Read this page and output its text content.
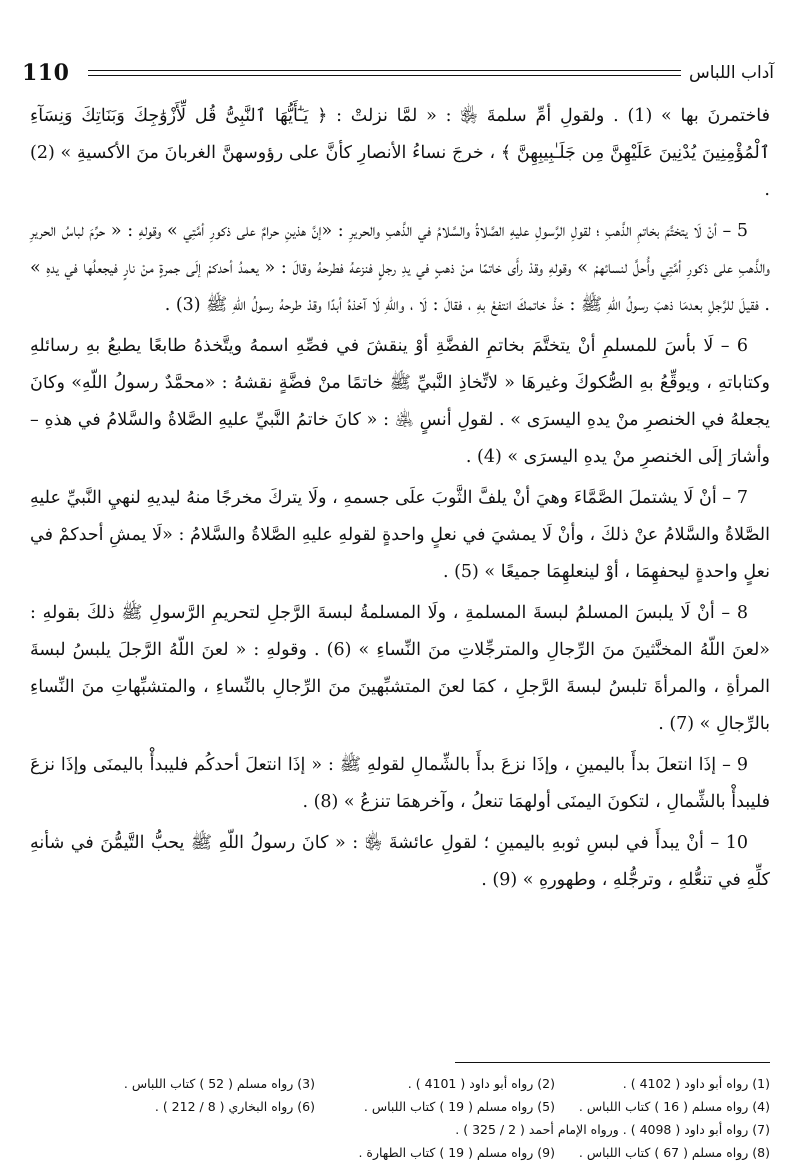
110	آداب اللباس

فاختمرنَ بها » (1) . ولقولِ أمِّ سلمةَ ﵂ : « لمَّا نزلتْ : ﴿ يَـٰٓأَيُّهَا ٱلنَّبِىُّ قُل لِّأَزْوَٰجِكَ وَبَنَاتِكَ وَنِسَآءِ ٱلْمُؤْمِنِينَ يُدْنِينَ عَلَيْهِنَّ مِن جَلَـٰبِيبِهِنَّ ﴾ ، خرجَ نساءُ الأنصارِ كأنَّ على رؤوسهنَّ الغربانَ منَ الأكسيةِ » (2) .

5 – أنْ لَا يتختَّمَ بخاتمِ الذَّهبِ ؛ لقولِ الرَّسولِ عليهِ الصَّلاةُ والسَّلامُ في الذَّهبِ والحريرِ : «إنَّ هذينِ حرامٌ على ذكورِ أمَّتِي » وقولهِ : « حرِّمَ لباسُ الحريرِ والذَّهبِ على ذكورِ أمَّتِي وأُحلَّ لنسائهمْ » وقولهِ وقدْ رأَى خاتمًا منْ ذهبٍ في يدِ رجلٍ فنزعهُ فطرحهُ وقالَ : « يعمدُ أحدكمْ إلَى جمرةٍ منْ نارٍ فيجعلُها في يدهِ » . فقيلَ للرَّجلِ بعدمَا ذهبَ رسولُ اللّهِ ﷺ : خذْ خاتمكَ انتفعْ بهِ ، فقالَ : لَا ، واللّهِ لَا آخذهُ أبدًا وقدْ طرحهُ رسولُ اللّهِ ﷺ (3) .

6 – لَا بأسَ للمسلمِ أنْ يتختَّمَ بخاتمِ الفضَّةِ أوْ ينقشَ في فصِّهِ اسمهُ ويتَّخذهُ طابعًا يطبعُ بهِ رسائلهِ وكتاباتهِ ، ويوقِّعُ بهِ الصُّكوكَ وغيرهَا « لاتِّخاذِ النَّبيِّ ﷺ خاتمًا منْ فضَّةٍ نقشهُ : «محمَّدٌ رسولُ اللّهِ» وكانَ يجعلهُ في الخنصرِ منْ يدهِ اليسرَى » . لقولِ أنسٍ ﵁ : « كانَ خاتمُ النَّبيِّ عليهِ الصَّلاةُ والسَّلامُ في هذهِ – وأشارَ إلَى الخنصرِ منْ يدهِ اليسرَى » (4) .

7 – أنْ لَا يشتملَ الصَّمَّاءَ وهيَ أنْ يلفَّ الثَّوبَ علَى جسمهِ ، ولَا يتركَ مخرجًا منهُ ليديهِ لنهيِ النَّبيِّ عليهِ الصَّلاةُ والسَّلامُ عنْ ذلكَ ، وأنْ لَا يمشيَ في نعلٍ واحدةٍ لقولهِ عليهِ الصَّلاةُ والسَّلامُ : «لَا يمشِ أحدكمْ في نعلٍ واحدةٍ ليحفهِمَا ، أوْ لينعلهِمَا جميعًا » (5) .

8 – أنْ لَا يلبسَ المسلمُ لبسةَ المسلمةِ ، ولَا المسلمةُ لبسةَ الرَّجلِ لتحريمِ الرَّسولِ ﷺ ذلكَ بقولهِ : «لعنَ اللّهُ المخنَّثينَ منَ الرِّجالِ والمترجِّلاتِ منَ النِّساءِ » (6) . وقولهِ : « لعنَ اللّهُ الرَّجلَ يلبسُ لبسةَ المرأةِ ، والمرأةَ تلبسُ لبسةَ الرَّجلِ ، كمَا لعنَ المتشبِّهينَ منَ الرِّجالِ بالنِّساءِ ، والمتشبِّهاتِ منَ النِّساءِ بالرِّجالِ » (7) .

9 – إذَا انتعلَ بدأَ باليمينِ ، وإذَا نزعَ بدأَ بالشِّمالِ لقولهِ ﷺ : « إذَا انتعلَ أحدكُم فليبدأْ باليمنَى وإذَا نزعَ فليبدأْ بالشِّمالِ ، لتكونَ اليمنَى أولهمَا تنعلُ ، وآخرهمَا تنزعُ » (8) .

10 – أنْ يبدأَ في لبسِ ثوبهِ باليمينِ ؛ لقولِ عائشةَ ﵂ : « كانَ رسولُ اللّهِ ﷺ يحبُّ التَّيمُّنَ في شأنهِ كلِّهِ في تنعُّلهِ ، وترجُّلهِ ، وطهورهِ » (9) .

(1) رواه أبو داود ( 4102 ) .
(2) رواه أبو داود ( 4101 ) .
(3) رواه مسلم ( 52 ) كتاب اللباس .
(4) رواه مسلم ( 16 ) كتاب اللباس .
(5) رواه مسلم ( 19 ) كتاب اللباس .
(6) رواه البخاري ( 8 / 212 ) .
(7) رواه أبو داود ( 4098 ) . ورواه الإمام أحمد ( 2 / 325 ) .
(8) رواه مسلم ( 67 ) كتاب اللباس .
(9) رواه مسلم ( 19 ) كتاب الطهارة .
